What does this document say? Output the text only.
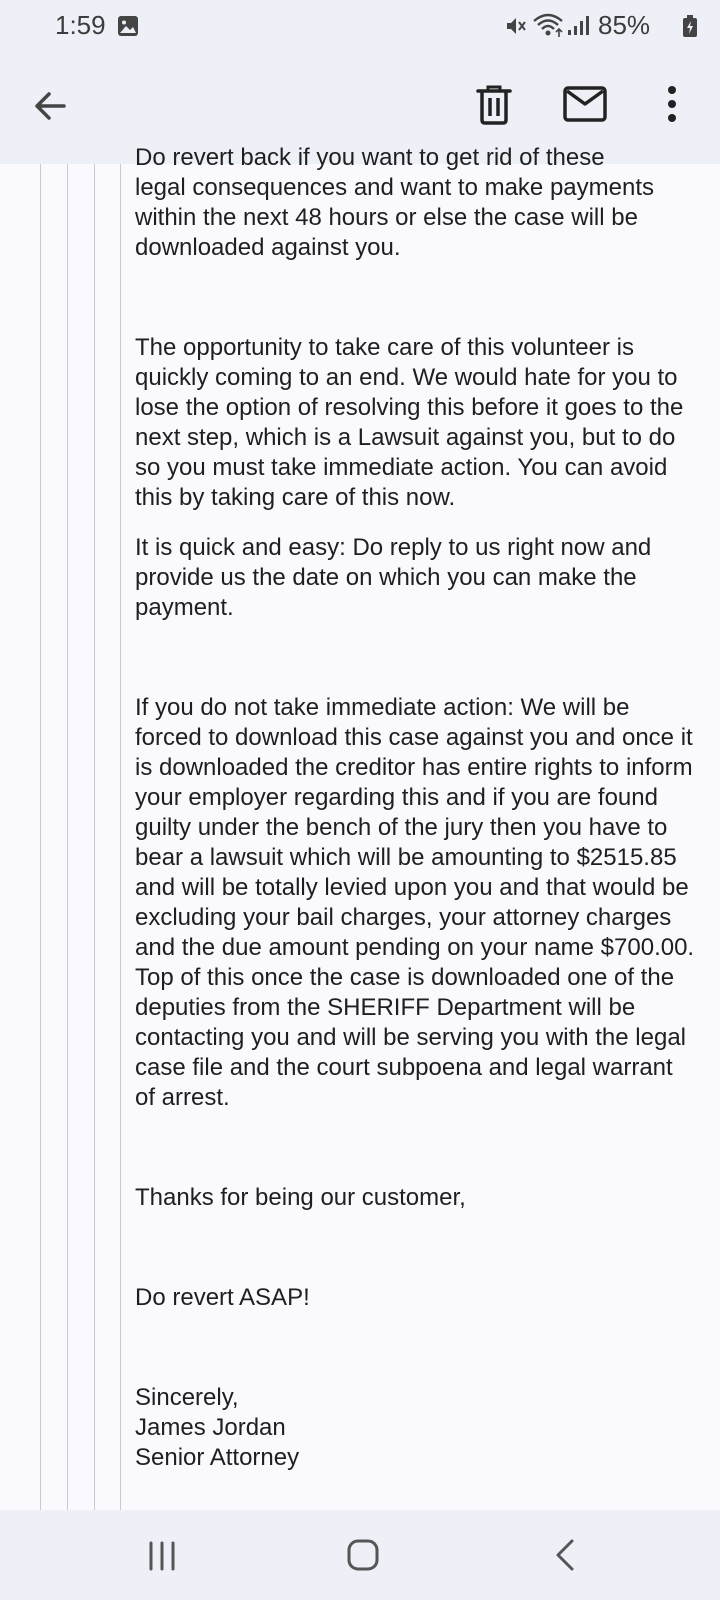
1:59	85%

Do revert back if you want to get rid of these

legal consequences and want to make payments within the next 48 hours or else the case will be downloaded against you.

The opportunity to take care of this volunteer is quickly coming to an end. We would hate for you to lose the option of resolving this before it goes to the next step, which is a Lawsuit against you, but to do so you must take immediate action. You can avoid this by taking care of this now.

It is quick and easy: Do reply to us right now and provide us the date on which you can make the payment.

If you do not take immediate action: We will be forced to download this case against you and once it is downloaded the creditor has entire rights to inform your employer regarding this and if you are found guilty under the bench of the jury then you have to bear a lawsuit which will be amounting to $2515.85 and will be totally levied upon you and that would be excluding your bail charges, your attorney charges and the due amount pending on your name $700.00. Top of this once the case is downloaded one of the deputies from the SHERIFF Department will be contacting you and will be serving you with the legal case file and the court subpoena and legal warrant of arrest.

Thanks for being our customer,

Do revert ASAP!

Sincerely,

James Jordan

Senior Attorney
